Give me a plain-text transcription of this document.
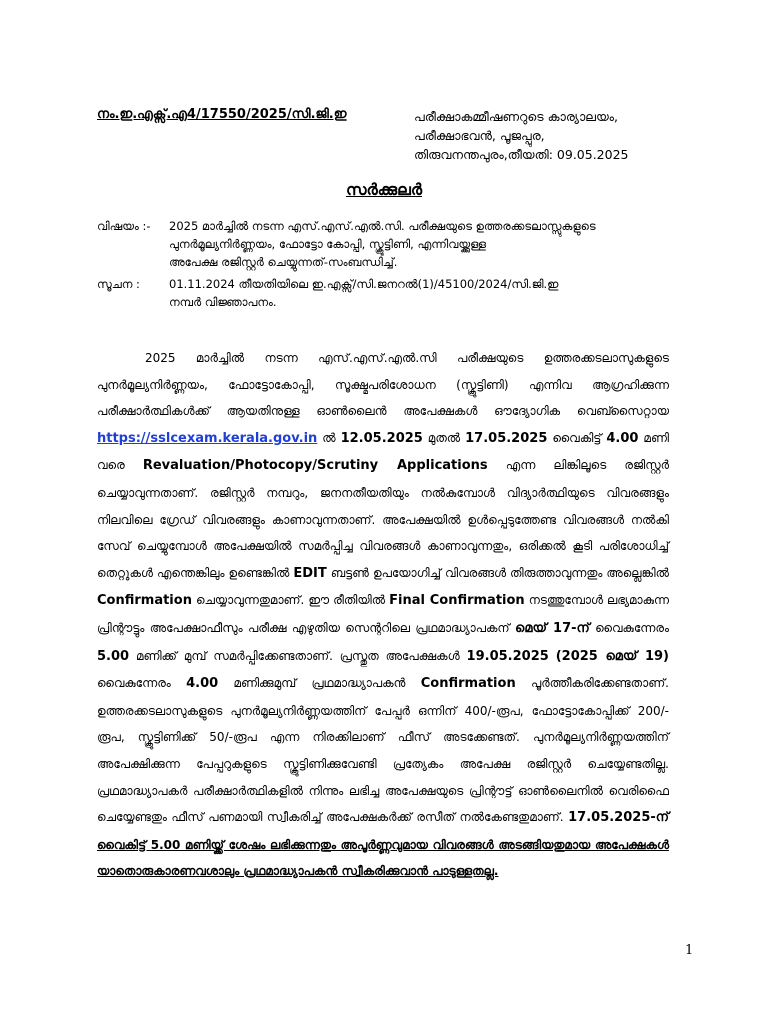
നം.ഇ.എക്സ്.എ4/17550/2025/സി.ജി.ഇ	പരീക്ഷാകമ്മീഷണറുടെ കാര്യാലയം,
പരീക്ഷാഭവൻ, പൂജപ്പുര,
തിരുവനന്തപുരം,തീയതി: 09.05.2025
സർക്കുലർ
വിഷയം :- 2025 മാർച്ചിൽ നടന്ന എസ്.എസ്.എൽ.സി. പരീക്ഷയുടെ ഉത്തരക്കടലാസ്സുകളുടെ
പുനർമൂല്യനിർണ്ണയം, ഫോട്ടോ കോപ്പി, സ്ക്രൂട്ടിണി, എന്നിവയ്ക്കുള്ള
അപേക്ഷ രജിസ്റ്റർ ചെയ്യുന്നത്-സംബന്ധിച്ച്.
സൂചന :	01.11.2024 തീയതിയിലെ ഇ.എക്സ്/സി.ജനറൽ(1)/45100/2024/സി.ജി.ഇ
നമ്പർ വിജ്ഞാപനം.

2025 മാർച്ചിൽ നടന്ന എസ്.എസ്.എൽ.സി പരീക്ഷയുടെ ഉത്തരക്കടലാസുകളുടെ പുനർമൂല്യനിർണ്ണയം, ഫോട്ടോകോപ്പി, സൂക്ഷ്മപരിശോധന (സ്ക്രൂട്ടിണി) എന്നിവ ആഗ്രഹിക്കുന്ന പരീക്ഷാർത്ഥികൾക്ക് ആയതിനുള്ള ഓൺലൈൻ അപേക്ഷകൾ ഔദ്യോഗിക വെബ്സൈറ്റായ https://sslcexam.kerala.gov.in ൽ 12.05.2025 മുതൽ 17.05.2025 വൈകിട്ട് 4.00 മണി വരെ Revaluation/Photocopy/Scrutiny Applications എന്ന ലിങ്കിലൂടെ രജിസ്റ്റർ ചെയ്യാവുന്നതാണ്. രജിസ്റ്റർ നമ്പറും, ജനനതീയതിയും നൽകുമ്പോൾ വിദ്യാർത്ഥിയുടെ വിവരങ്ങളും നിലവിലെ ഗ്രേഡ് വിവരങ്ങളും കാണാവുന്നതാണ്. അപേക്ഷയിൽ ഉൾപ്പെടുത്തേണ്ട വിവരങ്ങൾ നൽകി സേവ് ചെയ്യുമ്പോൾ അപേക്ഷയിൽ സമർപ്പിച്ച വിവരങ്ങൾ കാണാവുന്നതും, ഒരിക്കൽ കൂടി പരിശോധിച്ച് തെറ്റുകൾ എന്തെങ്കിലും ഉണ്ടെങ്കിൽ EDIT ബട്ടൺ ഉപയോഗിച്ച് വിവരങ്ങൾ തിരുത്താവുന്നതും അല്ലെങ്കിൽ Confirmation ചെയ്യാവുന്നതുമാണ്. ഈ രീതിയിൽ Final Confirmation നടത്തുമ്പോൾ ലഭ്യമാകുന്ന പ്രിന്റൗട്ടും അപേക്ഷാഫീസും പരീക്ഷ എഴുതിയ സെന്ററിലെ പ്രഥമാദ്ധ്യാപകന് മെയ് 17-ന് വൈകുന്നേരം 5.00 മണിക്ക് മുമ്പ് സമർപ്പിക്കേണ്ടതാണ്. പ്രസ്തുത അപേക്ഷകൾ 19.05.2025 (2025 മെയ് 19) വൈകുന്നേരം 4.00 മണിക്കുമുമ്പ് പ്രഥമാദ്ധ്യാപകൻ Confirmation പൂർത്തീകരിക്കേണ്ടതാണ്. ഉത്തരക്കടലാസുകളുടെ പുനർമൂല്യനിർണ്ണയത്തിന് പേപ്പർ ഒന്നിന് 400/-രൂപ, ഫോട്ടോകോപ്പിക്ക് 200/-രൂപ, സ്ക്രൂട്ടിണിക്ക് 50/-രൂപ എന്ന നിരക്കിലാണ് ഫീസ് അടക്കേണ്ടത്. പുനർമൂല്യനിർണ്ണയത്തിന് അപേക്ഷിക്കുന്ന പേപ്പറുകളുടെ സ്ക്രൂട്ടിണിക്കുവേണ്ടി പ്രത്യേകം അപേക്ഷ രജിസ്റ്റർ ചെയ്യേണ്ടതില്ല. പ്രഥമാദ്ധ്യാപകർ പരീക്ഷാർത്ഥികളിൽ നിന്നും ലഭിച്ച അപേക്ഷയുടെ പ്രിന്റൗട്ട് ഓൺലൈനിൽ വെരിഫൈ ചെയ്യേണ്ടതും ഫീസ് പണമായി സ്വീകരിച്ച് അപേക്ഷകർക്ക് രസീത് നൽകേണ്ടതുമാണ്. 17.05.2025-ന് വൈകിട്ട് 5.00 മണിയ്ക്ക് ശേഷം ലഭിക്കുന്നതും അപൂർണ്ണവുമായ വിവരങ്ങൾ അടങ്ങിയതുമായ അപേക്ഷകൾ യാതൊരുകാരണവശാലും പ്രഥമാദ്ധ്യാപകൻ സ്വീകരിക്കുവാൻ പാടുള്ളതല്ല.

1
